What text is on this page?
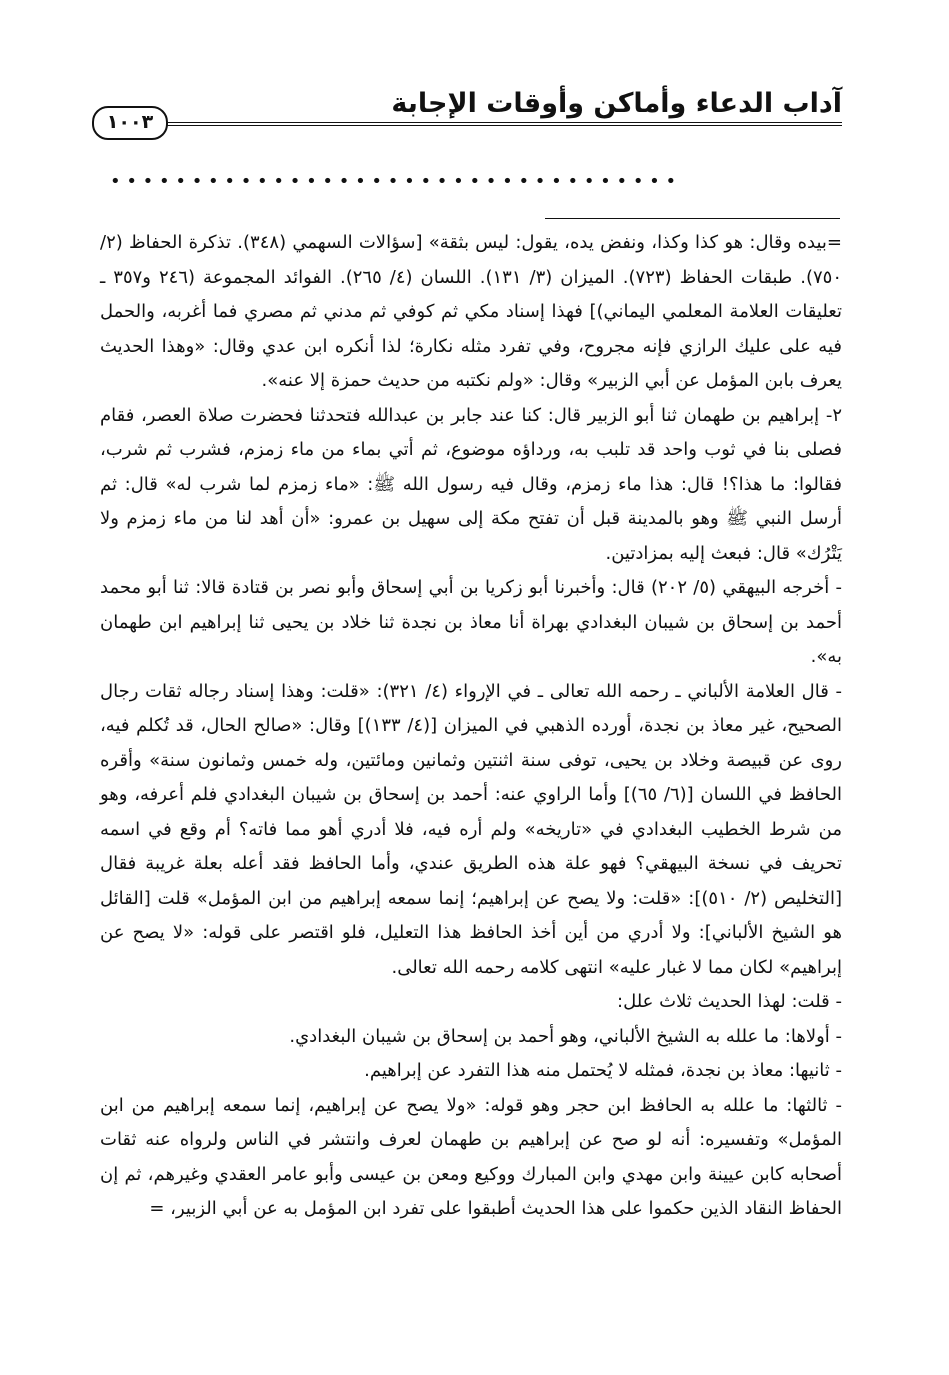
آداب الدعاء وأماكن وأوقات الإجابة
١٠٠٣
• • • • • • • • • • • • • • • • • • • • • • • • • • • • • • • • • • •

=بيده وقال: هو كذا وكذا، ونفض يده، يقول: ليس بثقة» [سؤالات السهمي (٣٤٨). تذكرة الحفاظ (٢/ ٧٥٠). طبقات الحفاظ (٧٢٣). الميزان (٣/ ١٣١). اللسان (٤/ ٢٦٥). الفوائد المجموعة (٢٤٦ و٣٥٧ ـ تعليقات العلامة المعلمي اليماني)] فهذا إسناد مكي ثم كوفي ثم مدني ثم مصري فما أغربه، والحمل فيه على عليك الرازي فإنه مجروح، وفي تفرد مثله نكارة؛ لذا أنكره ابن عدي وقال: «وهذا الحديث يعرف بابن المؤمل عن أبي الزبير» وقال: «ولم نكتبه من حديث حمزة إلا عنه».

٢- إبراهيم بن طهمان ثنا أبو الزبير قال: كنا عند جابر بن عبدالله فتحدثنا فحضرت صلاة العصر، فقام فصلى بنا في ثوب واحد قد تلبب به، ورداؤه موضوع، ثم أتي بماء من ماء زمزم، فشرب ثم شرب، فقالوا: ما هذا؟! قال: هذا ماء زمزم، وقال فيه رسول الله ﷺ: «ماء زمزم لما شرب له» قال: ثم أرسل النبي ﷺ وهو بالمدينة قبل أن تفتح مكة إلى سهيل بن عمرو: «أن أهد لنا من ماء زمزم ولا يَتْرُك» قال: فبعث إليه بمزادتين.

- أخرجه البيهقي (٥/ ٢٠٢) قال: وأخبرنا أبو زكريا بن أبي إسحاق وأبو نصر بن قتادة قالا: ثنا أبو محمد أحمد بن إسحاق بن شيبان البغدادي بهراة أنا معاذ بن نجدة ثنا خلاد بن يحيى ثنا إبراهيم ابن طهمان به».

- قال العلامة الألباني ـ رحمه الله تعالى ـ في الإرواء (٤/ ٣٢١): «قلت: وهذا إسناد رجاله ثقات رجال الصحيح، غير معاذ بن نجدة، أورده الذهبي في الميزان [(٤/ ١٣٣)] وقال: «صالح الحال، قد تُكلم فيه، روى عن قبيصة وخلاد بن يحيى، توفى سنة اثنتين وثمانين ومائتين، وله خمس وثمانون سنة» وأقره الحافظ في اللسان [(٦/ ٦٥)] وأما الراوي عنه: أحمد بن إسحاق بن شيبان البغدادي فلم أعرفه، وهو من شرط الخطيب البغدادي في «تاريخه» ولم أره فيه، فلا أدري أهو مما فاته؟ أم وقع في اسمه تحريف في نسخة البيهقي؟ فهو علة هذه الطريق عندي، وأما الحافظ فقد أعله بعلة غريبة فقال [التخليص (٢/ ٥١٠)]: «قلت: ولا يصح عن إبراهيم؛ إنما سمعه إبراهيم من ابن المؤمل» قلت [القائل هو الشيخ الألباني]: ولا أدري من أين أخذ الحافظ هذا التعليل، فلو اقتصر على قوله: «لا يصح عن إبراهيم» لكان مما لا غبار عليه» انتهى كلامه رحمه الله تعالى.

- قلت: لهذا الحديث ثلاث علل:

- أولاها: ما علله به الشيخ الألباني، وهو أحمد بن إسحاق بن شيبان البغدادي.

- ثانيها: معاذ بن نجدة، فمثله لا يُحتمل منه هذا التفرد عن إبراهيم.

- ثالثها: ما علله به الحافظ ابن حجر وهو قوله: «ولا يصح عن إبراهيم، إنما سمعه إبراهيم من ابن المؤمل» وتفسيره: أنه لو صح عن إبراهيم بن طهمان لعرف وانتشر في الناس ولرواه عنه ثقات أصحابه كابن عيينة وابن مهدي وابن المبارك ووكيع ومعن بن عيسى وأبو عامر العقدي وغيرهم، ثم إن الحفاظ النقاد الذين حكموا على هذا الحديث أطبقوا على تفرد ابن المؤمل به عن أبي الزبير، =
